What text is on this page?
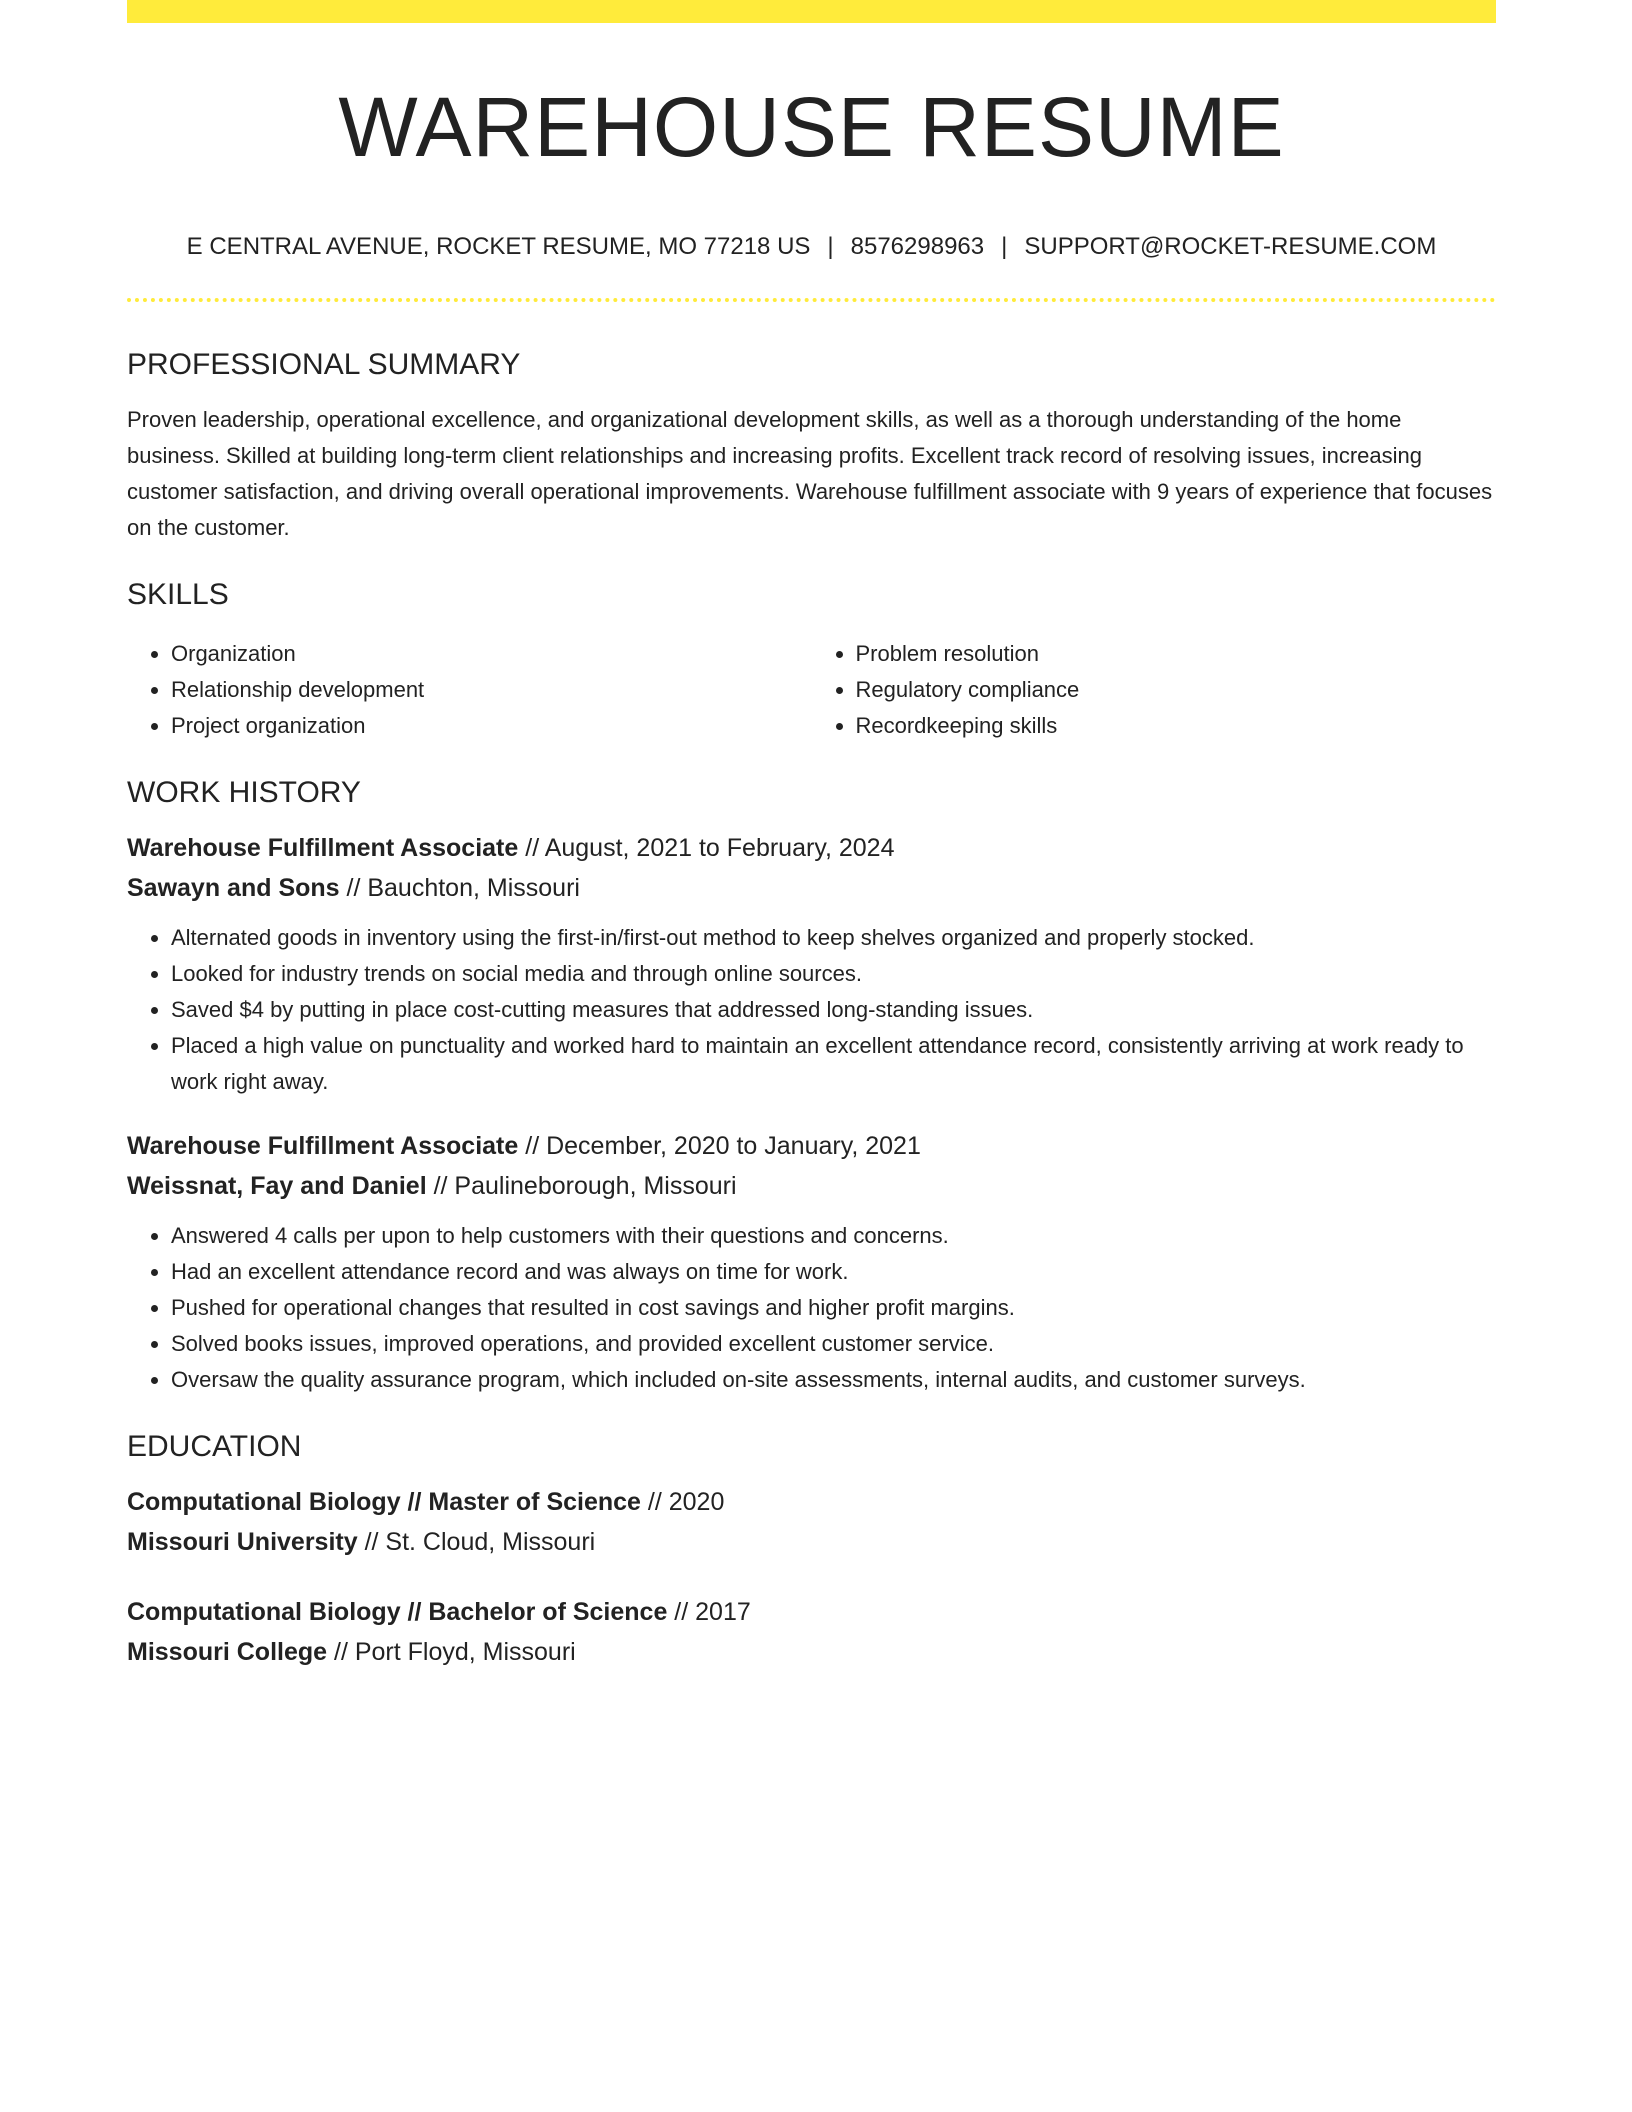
WAREHOUSE RESUME
E CENTRAL AVENUE, ROCKET RESUME, MO 77218 US | 8576298963 | SUPPORT@ROCKET-RESUME.COM
PROFESSIONAL SUMMARY

Proven leadership, operational excellence, and organizational development skills, as well as a thorough understanding of the home business. Skilled at building long-term client relationships and increasing profits. Excellent track record of resolving issues, increasing customer satisfaction, and driving overall operational improvements. Warehouse fulfillment associate with 9 years of experience that focuses on the customer.

SKILLS
• Organization
• Relationship development
• Project organization
• Problem resolution
• Regulatory compliance
• Recordkeeping skills
WORK HISTORY
Warehouse Fulfillment Associate // August, 2021 to February, 2024
Sawayn and Sons // Bauchton, Missouri
• Alternated goods in inventory using the first-in/first-out method to keep shelves organized and properly stocked.
• Looked for industry trends on social media and through online sources.
• Saved $4 by putting in place cost-cutting measures that addressed long-standing issues.
• Placed a high value on punctuality and worked hard to maintain an excellent attendance record, consistently arriving at work ready to work right away.
Warehouse Fulfillment Associate // December, 2020 to January, 2021
Weissnat, Fay and Daniel // Paulineborough, Missouri
• Answered 4 calls per upon to help customers with their questions and concerns.
• Had an excellent attendance record and was always on time for work.
• Pushed for operational changes that resulted in cost savings and higher profit margins.
• Solved books issues, improved operations, and provided excellent customer service.
• Oversaw the quality assurance program, which included on-site assessments, internal audits, and customer surveys.
EDUCATION
Computational Biology // Master of Science // 2020
Missouri University // St. Cloud, Missouri
Computational Biology // Bachelor of Science // 2017
Missouri College // Port Floyd, Missouri
